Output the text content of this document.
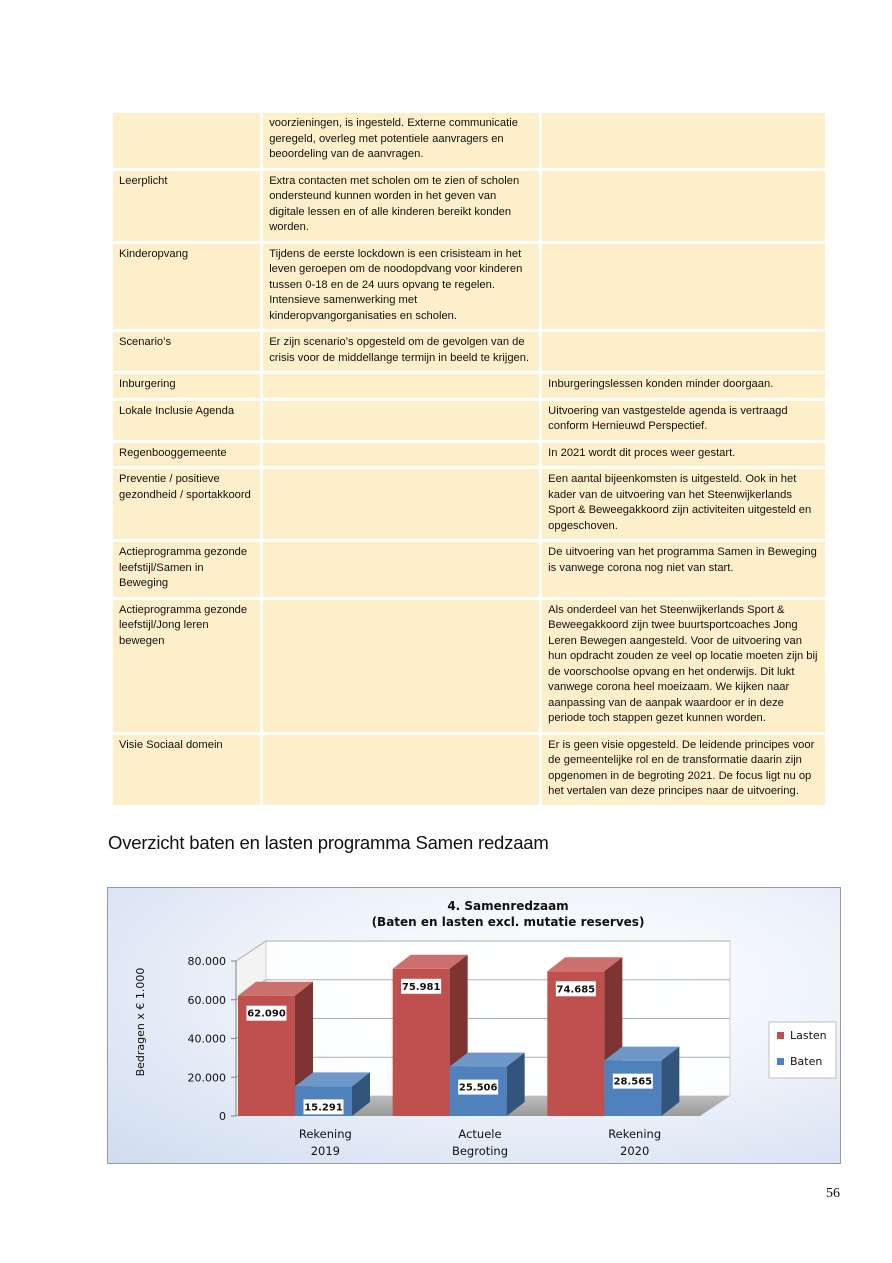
	voorzieningen, is ingesteld. Externe communicatie geregeld, overleg met potentiele aanvragers en beoordeling van de aanvragen.	
Leerplicht	Extra contacten met scholen om te zien of scholen ondersteund kunnen worden in het geven van digitale lessen en of alle kinderen bereikt konden worden.	
Kinderopvang	Tijdens de eerste lockdown is een crisisteam in het leven geroepen om de noodopdvang voor kinderen tussen 0-18 en de 24 uurs opvang te regelen. Intensieve samenwerking met kinderopvangorganisaties en scholen.	
Scenario’s	Er zijn scenario’s opgesteld om de gevolgen van de crisis voor de middellange termijn in beeld te krijgen.	
Inburgering		Inburgeringslessen konden minder doorgaan.
Lokale Inclusie Agenda		Uitvoering van vastgestelde agenda is vertraagd conform Hernieuwd Perspectief.
Regenbooggemeente		In 2021 wordt dit proces weer gestart.
Preventie / positieve gezondheid / sportakkoord		Een aantal bijeenkomsten is uitgesteld. Ook in het kader van de uitvoering van het Steenwijkerlands Sport & Beweegakkoord zijn activiteiten uitgesteld en opgeschoven.
Actieprogramma gezonde leefstijl/Samen in Beweging		De uitvoering van het programma Samen in Beweging is vanwege corona nog niet van start.
Actieprogramma gezonde leefstijl/Jong leren bewegen		Als onderdeel van het Steenwijkerlands Sport & Beweegakkoord zijn twee buurtsportcoaches Jong Leren Bewegen aangesteld. Voor de uitvoering van hun opdracht zouden ze veel op locatie moeten zijn bij de voorschoolse opvang en het onderwijs. Dit lukt vanwege corona heel moeizaam. We kijken naar aanpassing van de aanpak waardoor er in deze periode toch stappen gezet kunnen worden.
Visie Sociaal domein		Er is geen visie opgesteld. De leidende principes voor de gemeentelijke rol en de transformatie daarin zijn opgenomen in de begroting 2021. De focus ligt nu op het vertalen van deze principes naar de uitvoering.
Overzicht baten en lasten programma Samen redzaam
4. Samenredzaam
(Baten en lasten excl. mutatie reserves)
Bedragen x € 1.000	62.090
15.291
75.981
25.506
74.685
28.565
0
20.000
40.000
60.000
80.000
Rekening
2019
Actuele
Begroting
Rekening
2020
Lasten
Baten
56
